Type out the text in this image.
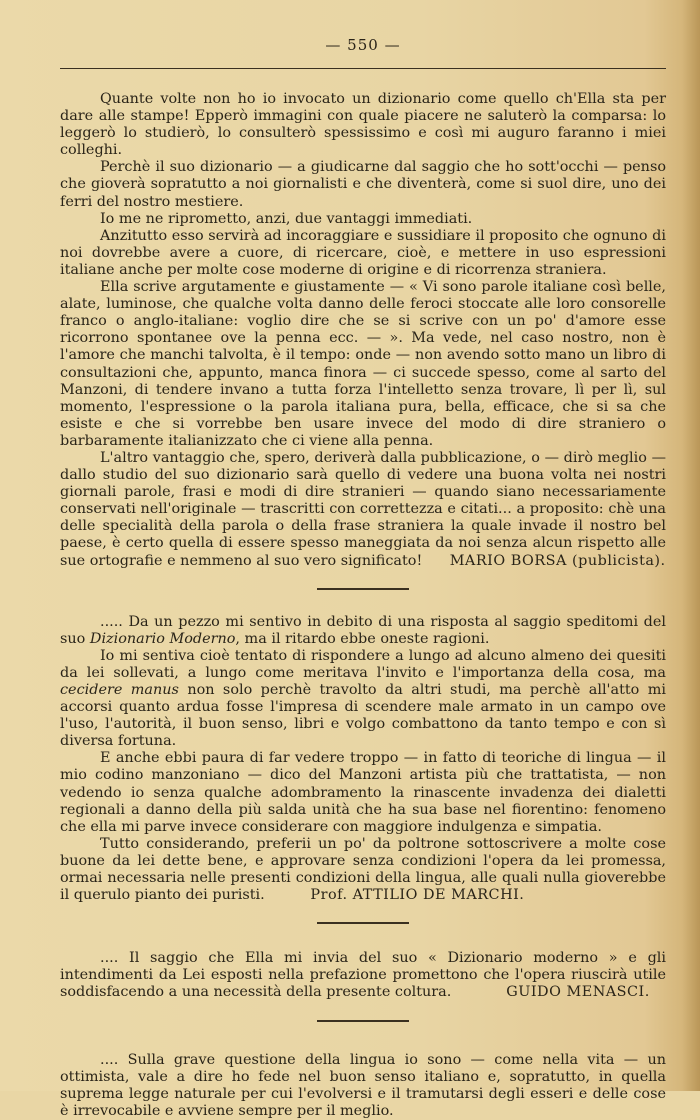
— 550 —

Quante volte non ho io invocato un dizionario come quello ch'Ella sta per dare alle stampe! Epperò immagini con quale piacere ne saluterò la comparsa: lo leggerò lo studierò, lo consulterò spessissimo e così mi auguro faranno i miei colleghi.

Perchè il suo dizionario — a giudicarne dal saggio che ho sott'occhi — penso che gioverà sopratutto a noi giornalisti e che diventerà, come si suol dire, uno dei ferri del nostro mestiere.

Io me ne riprometto, anzi, due vantaggi immediati.

Anzitutto esso servirà ad incoraggiare e sussidiare il proposito che ognuno di noi dovrebbe avere a cuore, di ricercare, cioè, e mettere in uso espressioni italiane anche per molte cose moderne di origine e di ricorrenza straniera.

Ella scrive argutamente e giustamente — « Vi sono parole italiane così belle, alate, luminose, che qualche volta danno delle feroci stoccate alle loro consorelle franco o anglo-italiane: voglio dire che se si scrive con un po' d'amore esse ricorrono spontanee ove la penna ecc. — ». Ma vede, nel caso nostro, non è l'amore che manchi talvolta, è il tempo: onde — non avendo sotto mano un libro di consultazioni che, appunto, manca finora — ci succede spesso, come al sarto del Manzoni, di tendere invano a tutta forza l'intelletto senza trovare, lì per lì, sul momento, l'espressione o la parola italiana pura, bella, efficace, che si sa che esiste e che si vorrebbe ben usare invece del modo di dire straniero o barbaramente italianizzato che ci viene alla penna.

L'altro vantaggio che, spero, deriverà dalla pubblicazione, o — dirò meglio — dallo studio del suo dizionario sarà quello di vedere una buona volta nei nostri giornali parole, frasi e modi di dire stranieri — quando siano necessariamente conservati nell'originale — trascritti con correttezza e citati... a proposito: chè una delle specialità della parola o della frase straniera la quale invade il nostro bel paese, è certo quella di essere spesso maneggiata da noi senza alcun rispetto alle sue ortografie e nemmeno al suo vero significato! MARIO BORSA (publicista).

..... Da un pezzo mi sentivo in debito di una risposta al saggio speditomi del suo Dizionario Moderno, ma il ritardo ebbe oneste ragioni.

Io mi sentiva cioè tentato di rispondere a lungo ad alcuno almeno dei quesiti da lei sollevati, a lungo come meritava l'invito e l'importanza della cosa, ma cecidere manus non solo perchè travolto da altri studi, ma perchè all'atto mi accorsi quanto ardua fosse l'impresa di scendere male armato in un campo ove l'uso, l'autorità, il buon senso, libri e volgo combattono da tanto tempo e con sì diversa fortuna.

E anche ebbi paura di far vedere troppo — in fatto di teoriche di lingua — il mio codino manzoniano — dico del Manzoni artista più che trattatista, — non vedendo io senza qualche adombramento la rinascente invadenza dei dialetti regionali a danno della più salda unità che ha sua base nel fiorentino: fenomeno che ella mi parve invece considerare con maggiore indulgenza e simpatia.

Tutto considerando, preferii un po' da poltrone sottoscrivere a molte cose buone da lei dette bene, e approvare senza condizioni l'opera da lei promessa, ormai necessaria nelle presenti condizioni della lingua, alle quali nulla gioverebbe il querulo pianto dei puristi.	Prof. ATTILIO DE MARCHI.

.... Il saggio che Ella mi invia del suo « Dizionario moderno » e gli intendimenti da Lei esposti nella prefazione promettono che l'opera riuscirà utile soddisfacendo a una necessità della presente coltura.	GUIDO MENASCI.

.... Sulla grave questione della lingua io sono — come nella vita — un ottimista, vale a dire ho fede nel buon senso italiano e, sopratutto, in quella suprema legge naturale per cui l'evolversi e il tramutarsi degli esseri e delle cose è irrevocabile e avviene sempre per il meglio.
